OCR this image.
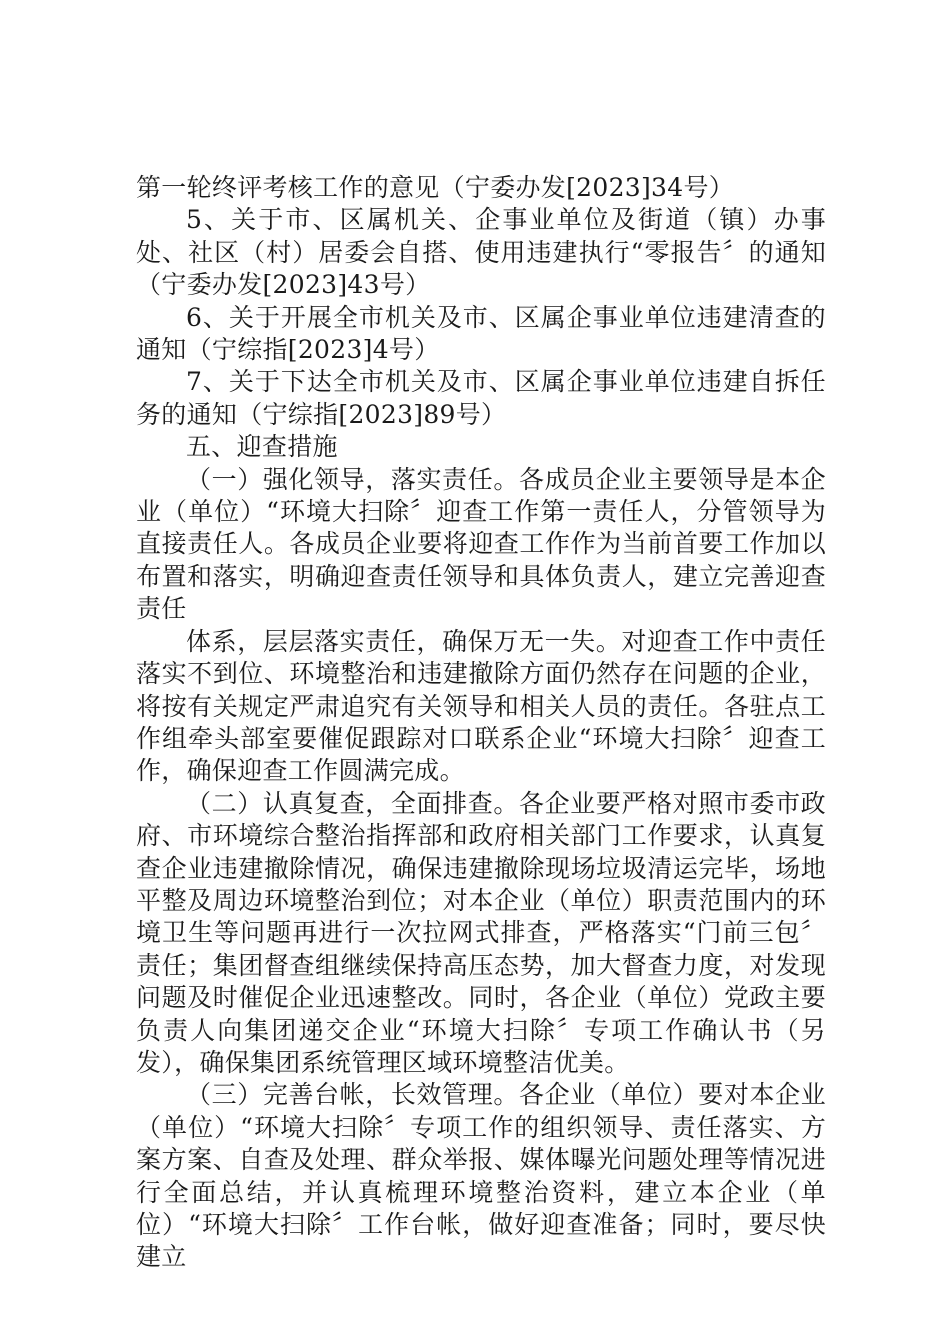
第一轮终评考核工作的意见（宁委办发[2023]34号）

5、关于市、区属机关、企事业单位及街道（镇）办事处、社区（村）居委会自搭、使用违建执行“零报告〞的通知（宁委办发[2023]43号）

6、关于开展全市机关及市、区属企事业单位违建清查的通知（宁综指[2023]4号）

7、关于下达全市机关及市、区属企事业单位违建自拆任务的通知（宁综指[2023]89号）

五、迎查措施

（一）强化领导，落实责任。各成员企业主要领导是本企业（单位）“环境大扫除〞迎查工作第一责任人，分管领导为直接责任人。各成员企业要将迎查工作作为当前首要工作加以布置和落实，明确迎查责任领导和具体负责人，建立完善迎查责任

体系，层层落实责任，确保万无一失。对迎查工作中责任落实不到位、环境整治和违建撤除方面仍然存在问题的企业，将按有关规定严肃追究有关领导和相关人员的责任。各驻点工作组牵头部室要催促跟踪对口联系企业“环境大扫除〞迎查工作，确保迎查工作圆满完成。

（二）认真复查，全面排查。各企业要严格对照市委市政府、市环境综合整治指挥部和政府相关部门工作要求，认真复查企业违建撤除情况，确保违建撤除现场垃圾清运完毕，场地平整及周边环境整治到位；对本企业（单位）职责范围内的环境卫生等问题再进行一次拉网式排查，严格落实“门前三包〞责任；集团督查组继续保持高压态势，加大督查力度，对发现问题及时催促企业迅速整改。同时，各企业（单位）党政主要负责人向集团递交企业“环境大扫除〞专项工作确认书（另发），确保集团系统管理区域环境整洁优美。

（三）完善台帐，长效管理。各企业（单位）要对本企业（单位）“环境大扫除〞专项工作的组织领导、责任落实、方案方案、自查及处理、群众举报、媒体曝光问题处理等情况进行全面总结，并认真梳理环境整治资料，建立本企业（单位）“环境大扫除〞工作台帐，做好迎查准备；同时，要尽快建立
